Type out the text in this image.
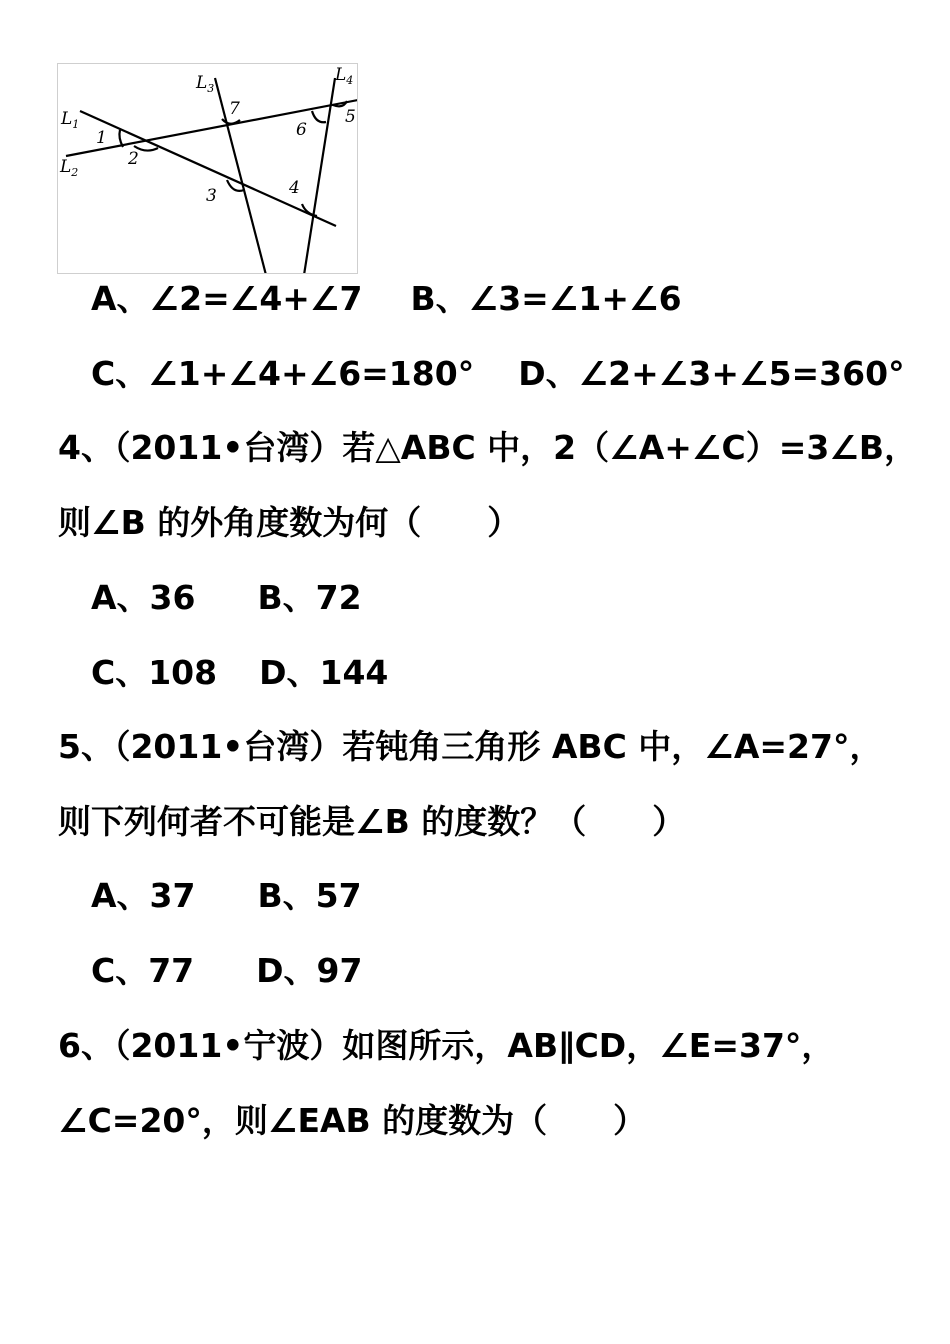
$L_1$
$L_2$
$L_3$
$L_4$
1
2
3	4
5
6
7
A、∠2=∠4+∠7 B、∠3=∠1+∠6
C、∠1+∠4+∠6=180° D、∠2+∠3+∠5=360°
4、（2011•台湾）若△ABC 中，2（∠A+∠C）=3∠B，
则∠B 的外角度数为何（　　）
A、36 B、72
C、108 D、144
5、（2011•台湾）若钝角三角形 ABC 中，∠A=27°，
则下列何者不可能是∠B 的度数？（　　）
A、37 B、57
C、77 D、97
6、（2011•宁波）如图所示，AB∥CD，∠E=37°，
∠C=20°，则∠EAB 的度数为（　　）
